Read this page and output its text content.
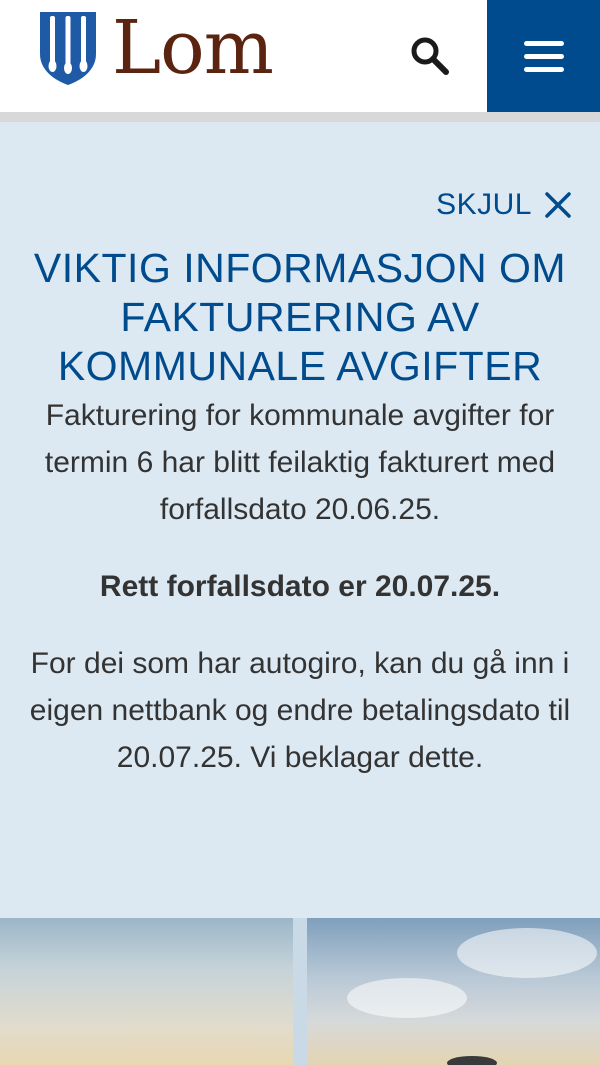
Lom
SKJUL
VIKTIG INFORMASJON OM FAKTURERING AV KOMMUNALE AVGIFTER

Fakturering for kommunale avgifter for termin 6 har blitt feilaktig fakturert med forfallsdato 20.06.25.

Rett forfallsdato er 20.07.25.

For dei som har autogiro, kan du gå inn i eigen nettbank og endre betalingsdato til 20.07.25. Vi beklagar dette.
